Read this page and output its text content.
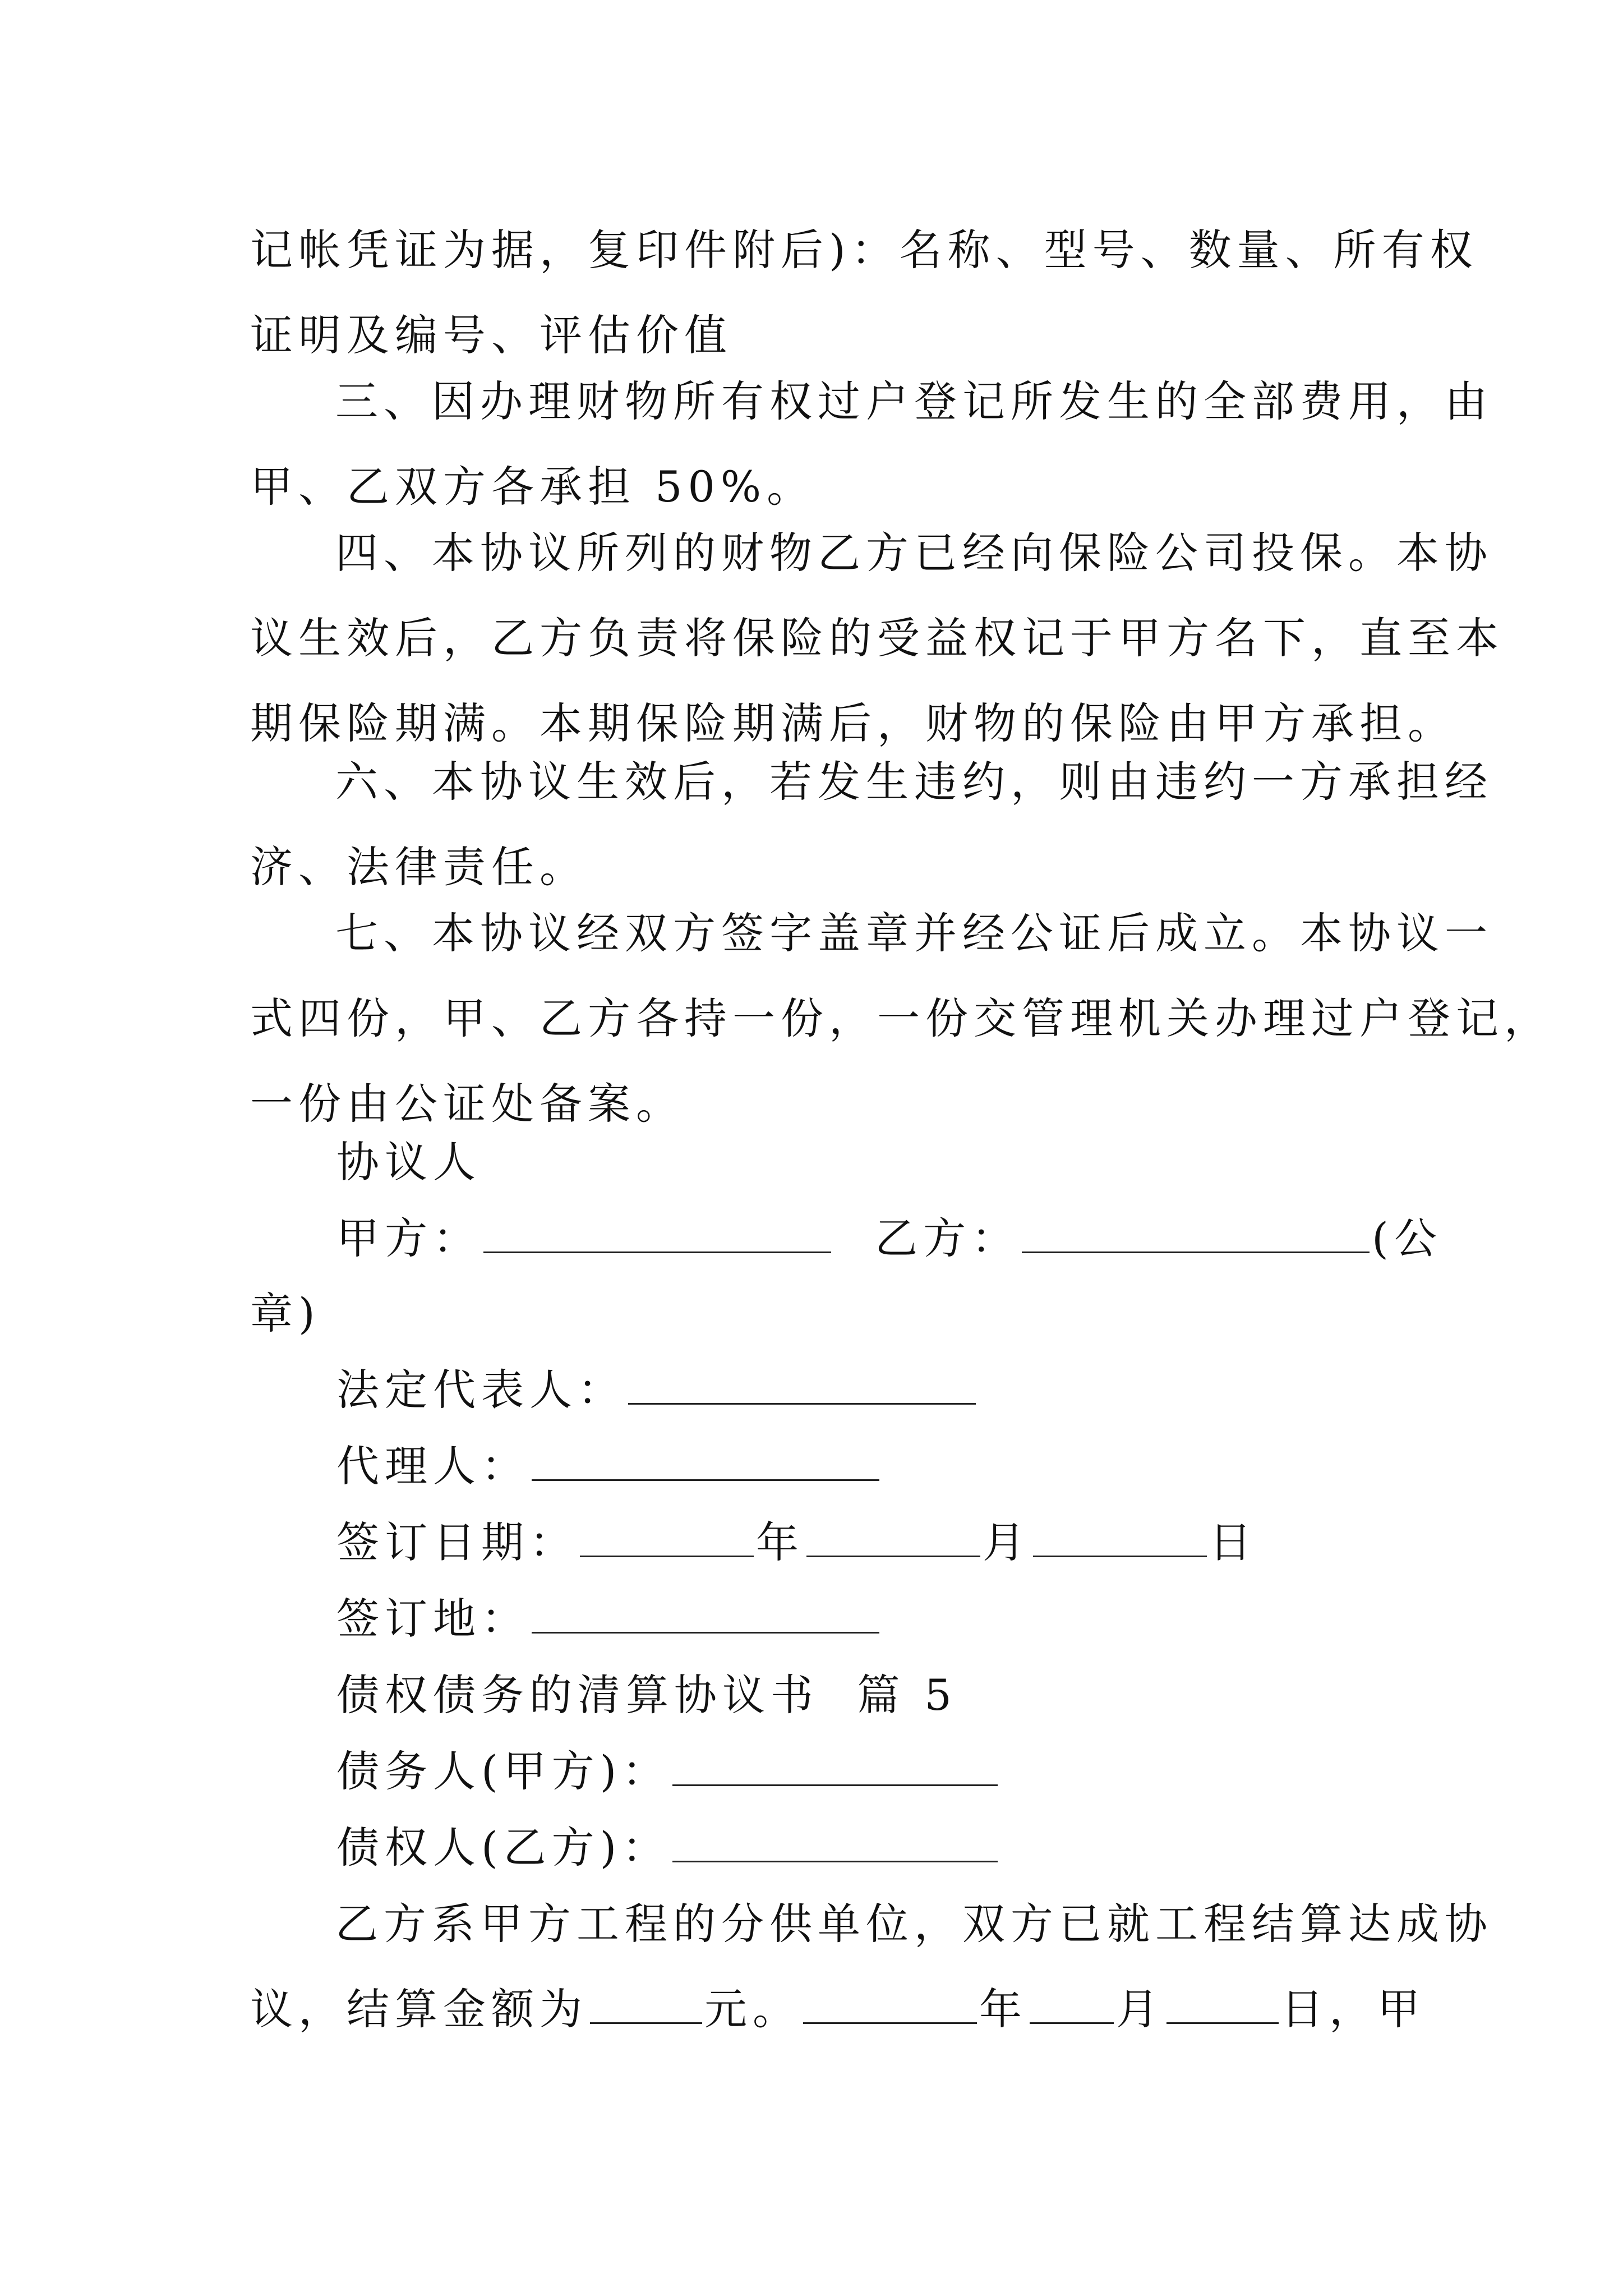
记帐凭证为据，复印件附后)：名称、型号、数量、所有权
证明及编号、评估价值
三、因办理财物所有权过户登记所发生的全部费用，由
甲、乙双方各承担 50%。
四、本协议所列的财物乙方已经向保险公司投保。本协
议生效后，乙方负责将保险的受益权记于甲方名下，直至本
期保险期满。本期保险期满后，财物的保险由甲方承担。
六、本协议生效后，若发生违约，则由违约一方承担经
济、法律责任。
七、本协议经双方签字盖章并经公证后成立。本协议一
式四份，甲、乙方各持一份，一份交管理机关办理过户登记，
一份由公证处备案。
协议人
甲方：	乙方：	(公
章)
法定代表人：
代理人：
签订日期：	年	月	日
签订地：
债权债务的清算协议书  篇 5
债务人(甲方)：
债权人(乙方)：
乙方系甲方工程的分供单位，双方已就工程结算达成协
议，结算金额为	元。	年 月	日，甲
